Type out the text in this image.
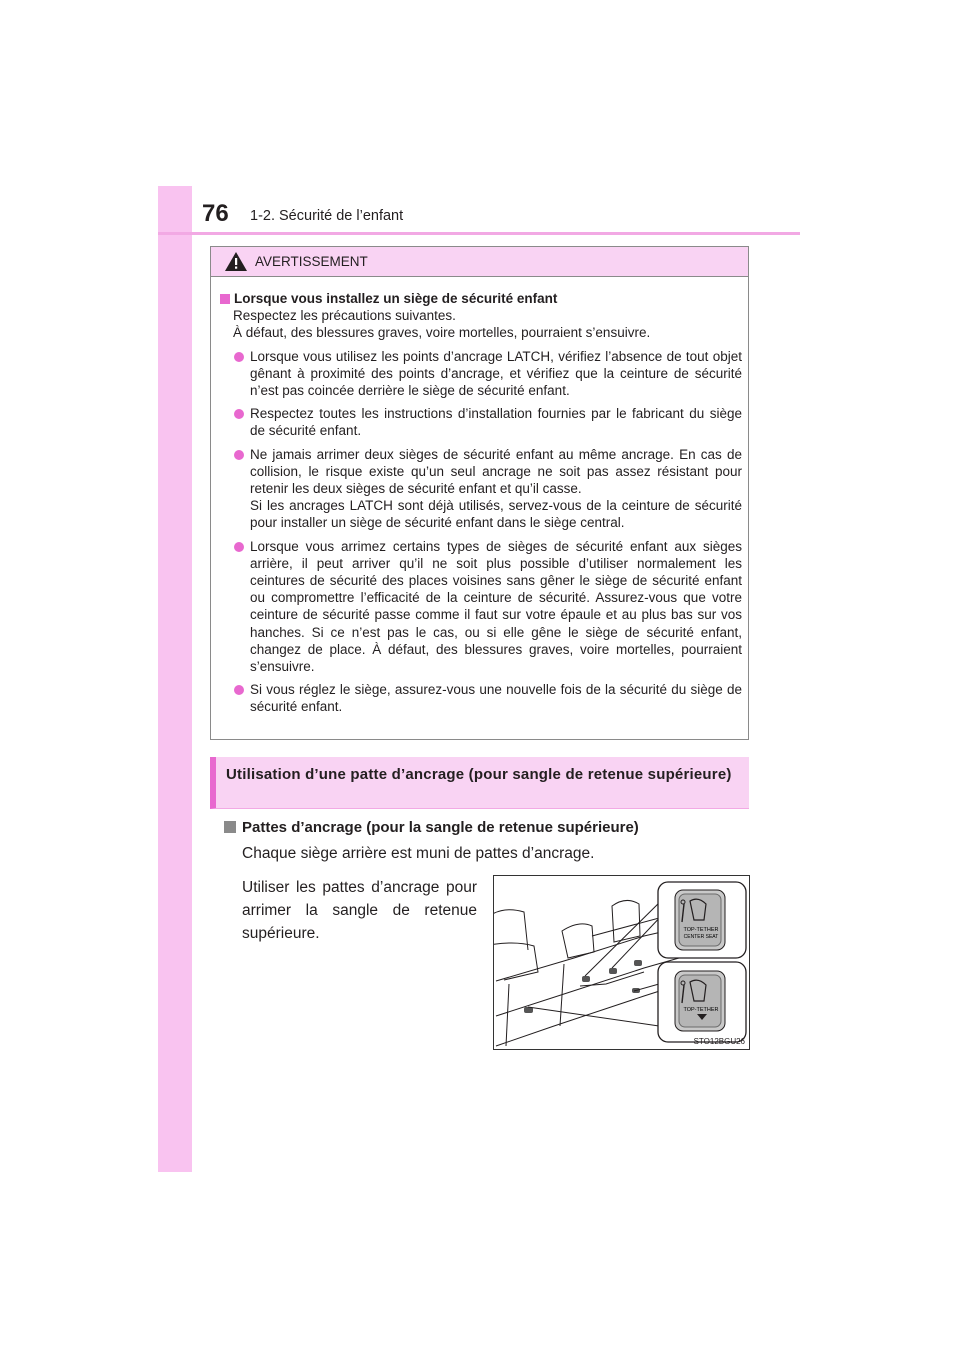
76 1-2. Sécurité de l’enfant
AVERTISSEMENT
Lorsque vous installez un siège de sécurité enfant

Respectez les précautions suivantes.

À défaut, des blessures graves, voire mortelles, pourraient s’ensuivre.

Lorsque vous utilisez les points d’ancrage LATCH, vérifiez l’absence de tout objet gênant à proximité des points d’ancrage, et vérifiez que la ceinture de sécurité n’est pas coincée derrière le siège de sécurité enfant.

Respectez toutes les instructions d’installation fournies par le fabricant du siège de sécurité enfant.

Ne jamais arrimer deux sièges de sécurité enfant au même ancrage. En cas de collision, le risque existe qu’un seul ancrage ne soit pas assez résistant pour retenir les deux sièges de sécurité enfant et qu’il casse.

Si les ancrages LATCH sont déjà utilisés, servez-vous de la ceinture de sécurité pour installer un siège de sécurité enfant dans le siège central.

Lorsque vous arrimez certains types de sièges de sécurité enfant aux sièges arrière, il peut arriver qu’il ne soit plus possible d’utiliser normalement les ceintures de sécurité des places voisines sans gêner le siège de sécurité enfant ou compromettre l’efficacité de la ceinture de sécurité. Assurez-vous que votre ceinture de sécurité passe comme il faut sur votre épaule et au plus bas sur vos hanches. Si ce n’est pas le cas, ou si elle gêne le siège de sécurité enfant, changez de place. À défaut, des blessures graves, voire mortelles, pourraient s’ensuivre.

Si vous réglez le siège, assurez-vous une nouvelle fois de la sécurité du siège de sécurité enfant.

Utilisation d’une patte d’ancrage (pour sangle de retenue supérieure)
Pattes d’ancrage (pour la sangle de retenue supérieure)
Chaque siège arrière est muni de pattes d’ancrage.
Utiliser les pattes d’ancrage pour arrimer la sangle de retenue supérieure.	TOP-TETHER
CENTER SEAT
TOP-TETHER
STO12BGU26
